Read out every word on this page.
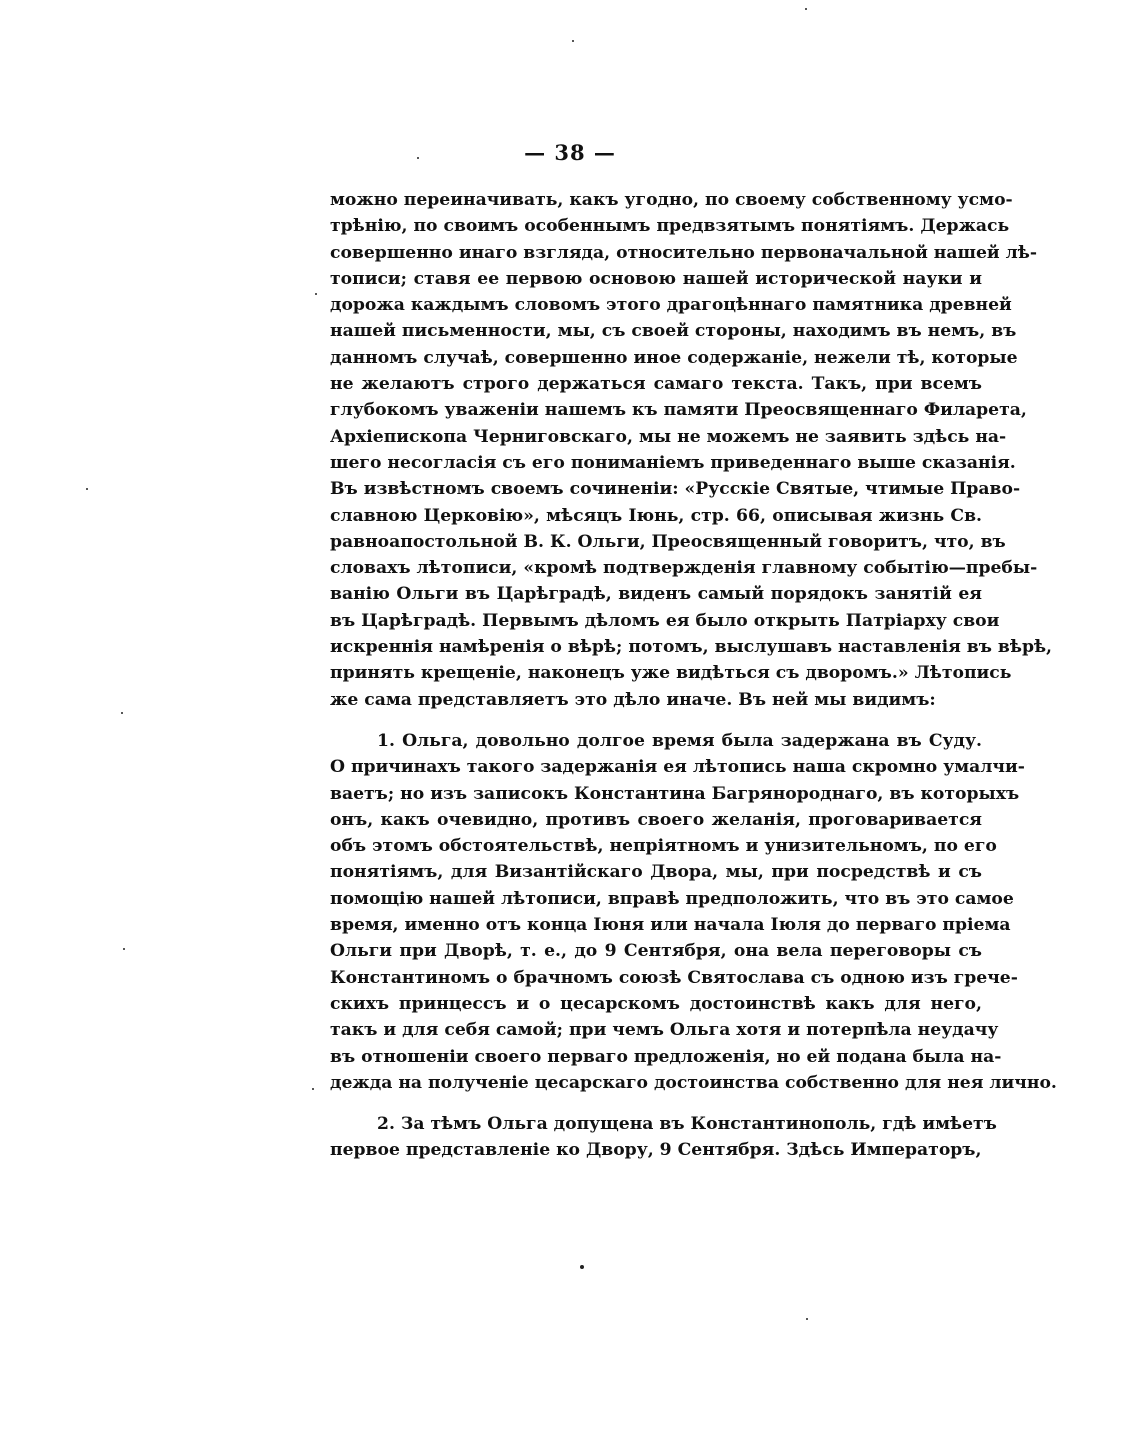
— 38 —
можно переиначивать, какъ угодно, по своему собственному усмо-
трѣнію, по своимъ особеннымъ предвзятымъ понятіямъ. Держась
совершенно инаго взгляда, относительно первоначальной нашей лѣ-
тописи; ставя ее первою основою нашей исторической науки и
дорожа каждымъ словомъ этого драгоцѣннаго памятника древней
нашей письменности, мы, съ своей стороны, находимъ въ немъ, въ
данномъ случаѣ, совершенно иное содержаніе, нежели тѣ, которые
не желаютъ строго держаться самаго текста. Такъ, при всемъ
глубокомъ уваженіи нашемъ къ памяти Преосвященнаго Филарета,
Архіепископа Черниговскаго, мы не можемъ не заявить здѣсь на-
шего несогласія съ его пониманіемъ приведеннаго выше сказанія.
Въ извѣстномъ своемъ сочиненіи: «Русскіе Святые, чтимые Право-
славною Церковію», мѣсяцъ Іюнь, стр. 66, описывая жизнь Св.
равноапостольной В. К. Ольги, Преосвященный говоритъ, что, въ
словахъ лѣтописи, «кромѣ подтвержденія главному событію—пребы-
ванію Ольги въ Царѣградѣ, виденъ самый порядокъ занятій ея
въ Царѣградѣ. Первымъ дѣломъ ея было открыть Патріарху свои
искреннія намѣренія о вѣрѣ; потомъ, выслушавъ наставленія въ вѣрѣ,
принять крещеніе, наконецъ уже видѣться съ дворомъ.» Лѣтопись
же сама представляетъ это дѣло иначе. Въ ней мы видимъ:
1. Ольга, довольно долгое время была задержана въ Суду.
О причинахъ такого задержанія ея лѣтопись наша скромно умалчи-
ваетъ; но изъ записокъ Константина Багрянороднаго, въ которыхъ
онъ, какъ очевидно, противъ своего желанія, проговаривается
объ этомъ обстоятельствѣ, непріятномъ и унизительномъ, по его
понятіямъ, для Византійскаго Двора, мы, при посредствѣ и съ
помощію нашей лѣтописи, вправѣ предположить, что въ это самое
время, именно отъ конца Іюня или начала Іюля до перваго пріема
Ольги при Дворѣ, т. е., до 9 Сентября, она вела переговоры съ
Константиномъ о брачномъ союзѣ Святослава съ одною изъ грече-
скихъ принцессъ и о цесарскомъ достоинствѣ какъ для него,
такъ и для себя самой; при чемъ Ольга хотя и потерпѣла неудачу
въ отношеніи своего перваго предложенія, но ей подана была на-
дежда на полученіе цесарскаго достоинства собственно для нея лично.
2. За тѣмъ Ольга допущена въ Константинополь, гдѣ имѣетъ
первое представленіе ко Двору, 9 Сентября. Здѣсь Императоръ,
